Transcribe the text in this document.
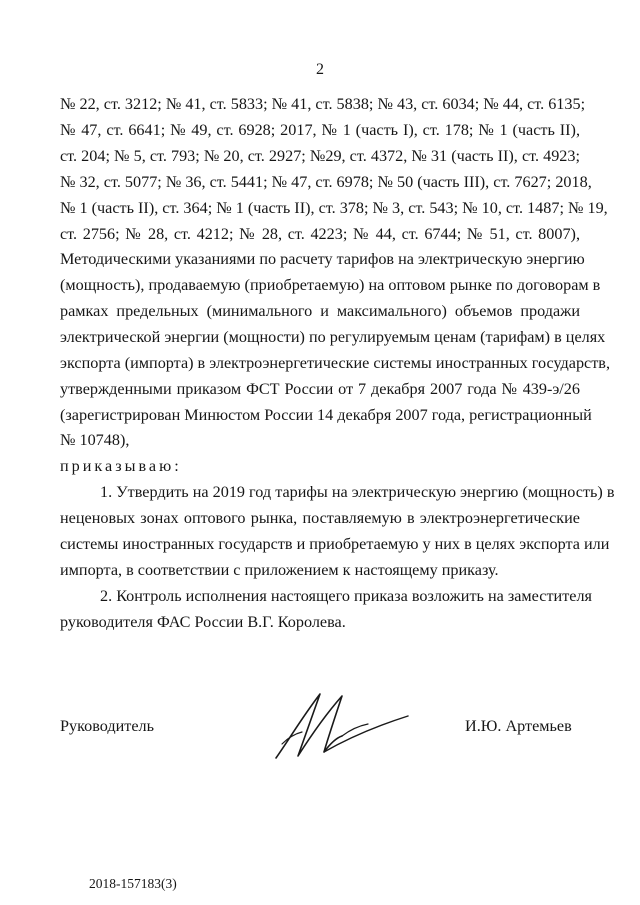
2
№ 22, ст. 3212; № 41, ст. 5833; № 41, ст. 5838; № 43, ст. 6034; № 44, ст. 6135;
№ 47, ст. 6641; № 49, ст. 6928; 2017, № 1 (часть I), ст. 178; № 1 (часть II),
ст. 204; № 5, ст. 793; № 20, ст. 2927; №29, ст. 4372, № 31 (часть II), ст. 4923;
№ 32, ст. 5077; № 36, ст. 5441; № 47, ст. 6978; № 50 (часть III), ст. 7627; 2018,
№ 1 (часть II), ст. 364; № 1 (часть II), ст. 378; № 3, ст. 543; № 10, ст. 1487; № 19,
ст. 2756; № 28, ст. 4212; № 28, ст. 4223; № 44, ст. 6744; № 51, ст. 8007),
Методическими указаниями по расчету тарифов на электрическую энергию
(мощность), продаваемую (приобретаемую) на оптовом рынке по договорам в
рамках предельных (минимального и максимального) объемов продажи
электрической энергии (мощности) по регулируемым ценам (тарифам) в целях
экспорта (импорта) в электроэнергетические системы иностранных государств,
утвержденными приказом ФСТ России от 7 декабря 2007 года № 439-э/26
(зарегистрирован Минюстом России 14 декабря 2007 года, регистрационный
№ 10748),
приказываю:
1. Утвердить на 2019 год тарифы на электрическую энергию (мощность) в
неценовых зонах оптового рынка, поставляемую в электроэнергетические
системы иностранных государств и приобретаемую у них в целях экспорта или
импорта, в соответствии с приложением к настоящему приказу.
2. Контроль исполнения настоящего приказа возложить на заместителя
руководителя ФАС России В.Г. Королева.
Руководитель	И.Ю. Артемьев
2018-157183(3)
